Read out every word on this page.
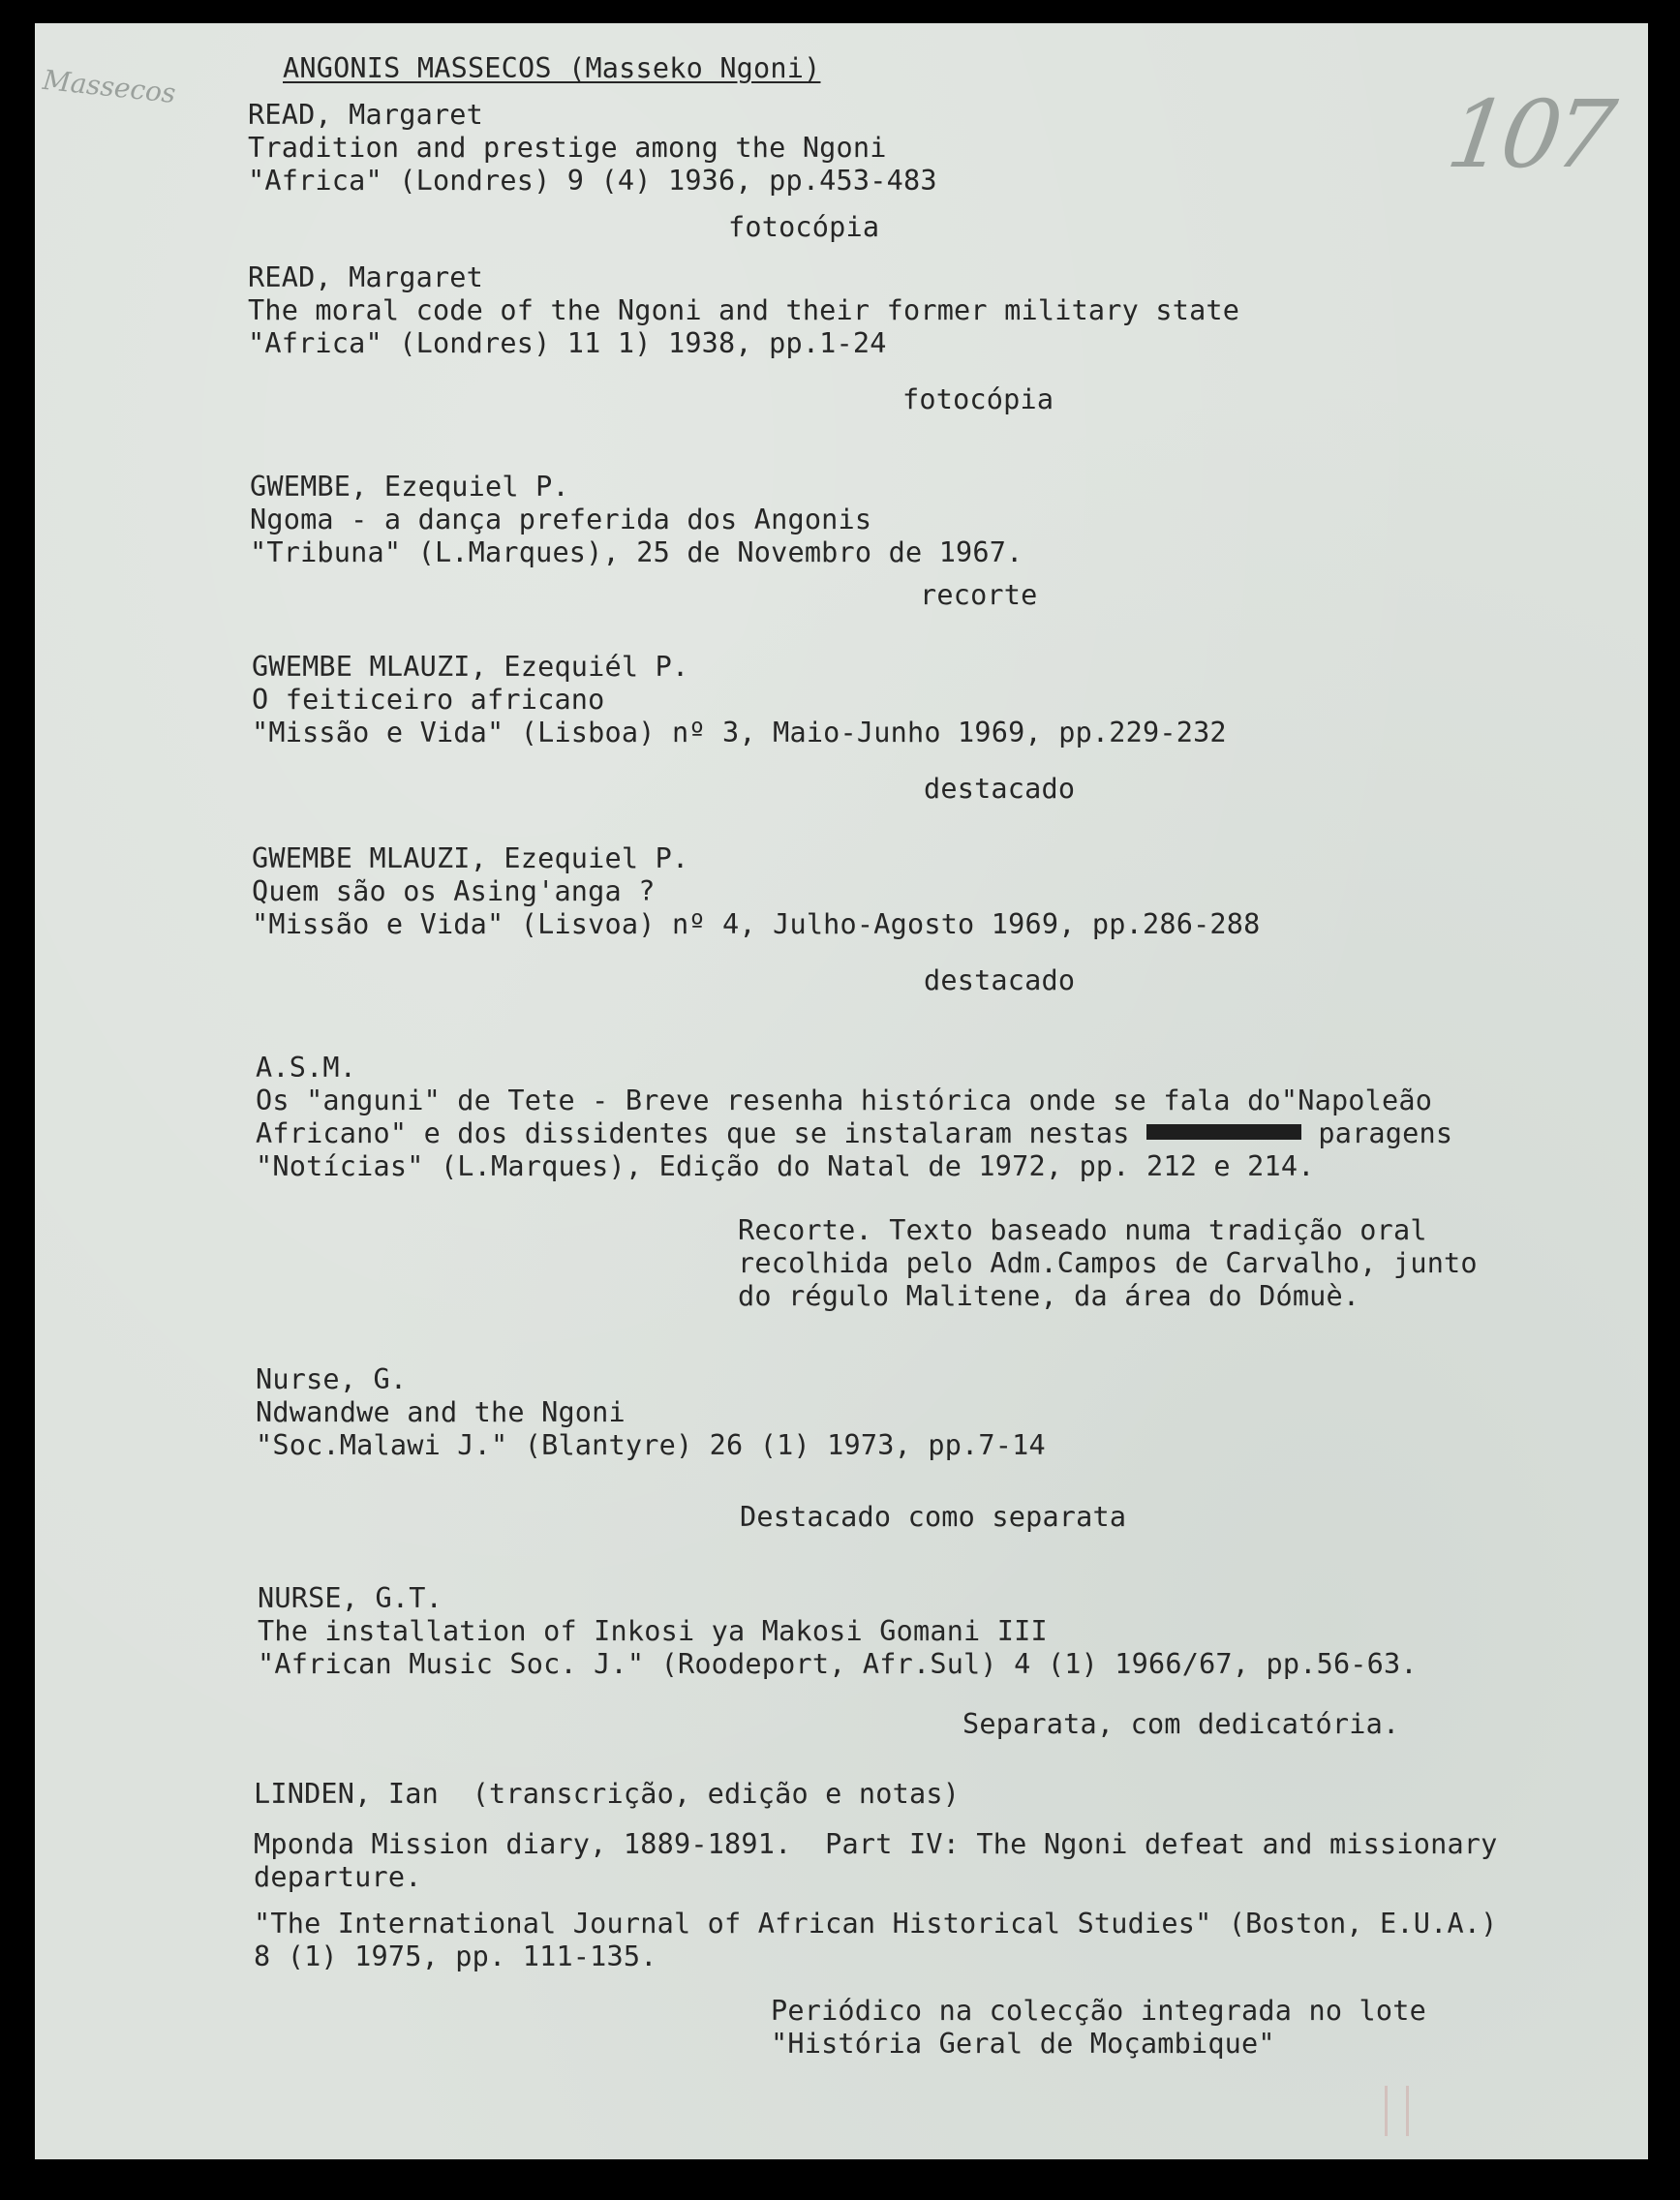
Massecos	107
ANGONIS MASSECOS (Masseko Ngoni)
READ, Margaret
Tradition and prestige among the Ngoni
"Africa" (Londres) 9 (4) 1936, pp.453-483
fotocópia
READ, Margaret
The moral code of the Ngoni and their former military state
"Africa" (Londres) 11 1) 1938, pp.1-24
fotocópia
GWEMBE, Ezequiel P.
Ngoma - a dança preferida dos Angonis
"Tribuna" (L.Marques), 25 de Novembro de 1967.
recorte
GWEMBE MLAUZI, Ezequiél P.
O feiticeiro africano
"Missão e Vida" (Lisboa) nº 3, Maio-Junho 1969, pp.229-232
destacado
GWEMBE MLAUZI, Ezequiel P.
Quem são os Asing'anga ?
"Missão e Vida" (Lisvoa) nº 4, Julho-Agosto 1969, pp.286-288
destacado
A.S.M.
Os "anguni" de Tete - Breve resenha histórica onde se fala do"Napoleão
Africano" e dos dissidentes que se instalaram nestas	paragens
"Notícias" (L.Marques), Edição do Natal de 1972, pp. 212 e 214.
Recorte. Texto baseado numa tradição oral
recolhida pelo Adm.Campos de Carvalho, junto
do régulo Malitene, da área do Dómuè.
Nurse, G.
Ndwandwe and the Ngoni
"Soc.Malawi J." (Blantyre) 26 (1) 1973, pp.7-14
Destacado como separata
NURSE, G.T.
The installation of Inkosi ya Makosi Gomani III
"African Music Soc. J." (Roodeport, Afr.Sul) 4 (1) 1966/67, pp.56-63.
Separata, com dedicatória.
LINDEN, Ian  (transcrição, edição e notas)
Mponda Mission diary, 1889-1891.  Part IV: The Ngoni defeat and missionary
departure.
"The International Journal of African Historical Studies" (Boston, E.U.A.)
8 (1) 1975, pp. 111-135.
Periódico na colecção integrada no lote
"História Geral de Moçambique"
